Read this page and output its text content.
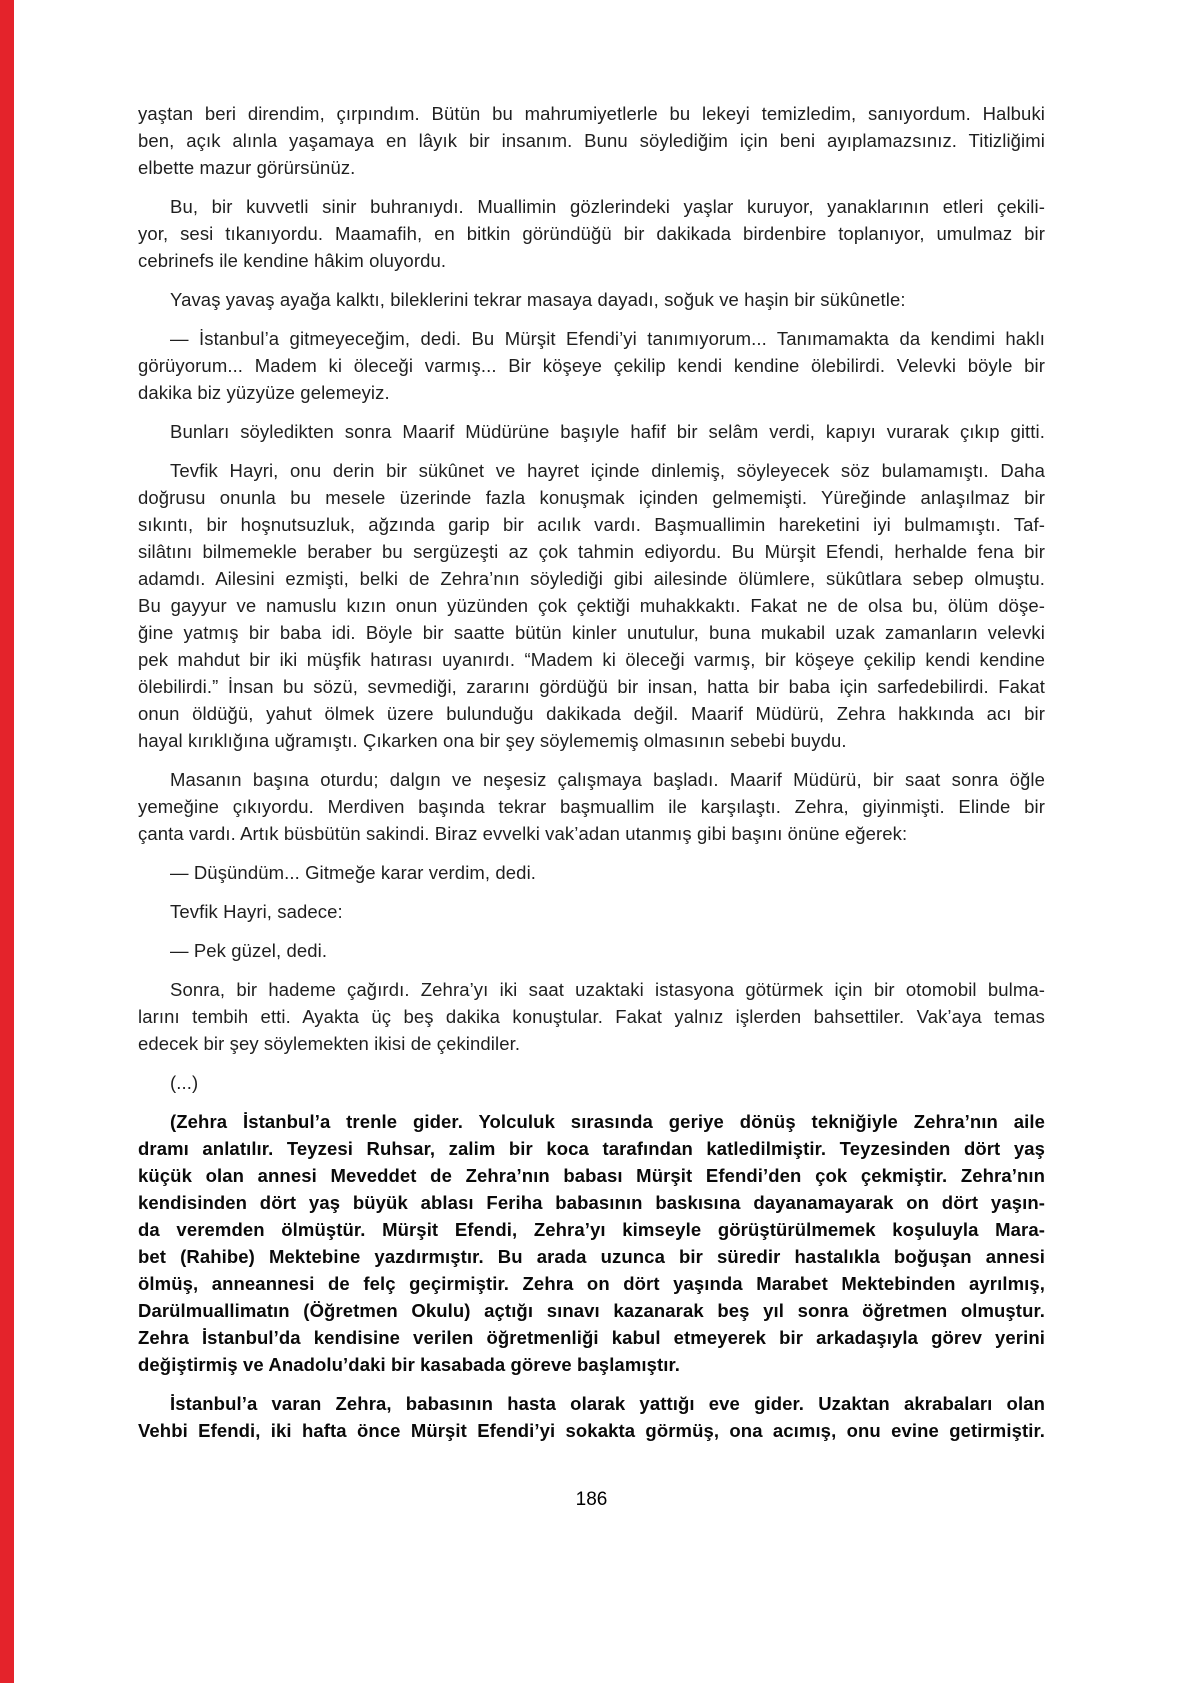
yaştan beri direndim, çırpındım. Bütün bu mahrumiyetlerle bu lekeyi temizledim, sanıyordum. Halbuki
ben, açık alınla yaşamaya en lâyık bir insanım. Bunu söylediğim için beni ayıplamazsınız. Titizliğimi
elbette mazur görürsünüz.
Bu, bir kuvvetli sinir buhranıydı. Muallimin gözlerindeki yaşlar kuruyor, yanaklarının etleri çekili-
yor, sesi tıkanıyordu. Maamafih, en bitkin göründüğü bir dakikada birdenbire toplanıyor, umulmaz bir
cebrinefs ile kendine hâkim oluyordu.
Yavaş yavaş ayağa kalktı, bileklerini tekrar masaya dayadı, soğuk ve haşin bir sükûnetle:
— İstanbul’a gitmeyeceğim, dedi. Bu Mürşit Efendi’yi tanımıyorum... Tanımamakta da kendimi haklı
görüyorum... Madem ki öleceği varmış... Bir köşeye çekilip kendi kendine ölebilirdi. Velevki böyle bir
dakika biz yüzyüze gelemeyiz.
Bunları söyledikten sonra Maarif Müdürüne başıyle hafif bir selâm verdi, kapıyı vurarak çıkıp gitti.
Tevfik Hayri, onu derin bir sükûnet ve hayret içinde dinlemiş, söyleyecek söz bulamamıştı. Daha
doğrusu onunla bu mesele üzerinde fazla konuşmak içinden gelmemişti. Yüreğinde anlaşılmaz bir
sıkıntı, bir hoşnutsuzluk, ağzında garip bir acılık vardı. Başmuallimin hareketini iyi bulmamıştı. Taf-
silâtını bilmemekle beraber bu sergüzeşti az çok tahmin ediyordu. Bu Mürşit Efendi, herhalde fena bir
adamdı. Ailesini ezmişti, belki de Zehra’nın söylediği gibi ailesinde ölümlere, sükûtlara sebep olmuştu.
Bu gayyur ve namuslu kızın onun yüzünden çok çektiği muhakkaktı. Fakat ne de olsa bu, ölüm döşe-
ğine yatmış bir baba idi. Böyle bir saatte bütün kinler unutulur, buna mukabil uzak zamanların velevki
pek mahdut bir iki müşfik hatırası uyanırdı. “Madem ki öleceği varmış, bir köşeye çekilip kendi kendine
ölebilirdi.” İnsan bu sözü, sevmediği, zararını gördüğü bir insan, hatta bir baba için sarfedebilirdi. Fakat
onun öldüğü, yahut ölmek üzere bulunduğu dakikada değil. Maarif Müdürü, Zehra hakkında acı bir
hayal kırıklığına uğramıştı. Çıkarken ona bir şey söylememiş olmasının sebebi buydu.
Masanın başına oturdu; dalgın ve neşesiz çalışmaya başladı. Maarif Müdürü, bir saat sonra öğle
yemeğine çıkıyordu. Merdiven başında tekrar başmuallim ile karşılaştı. Zehra, giyinmişti. Elinde bir
çanta vardı. Artık büsbütün sakindi. Biraz evvelki vak’adan utanmış gibi başını önüne eğerek:
— Düşündüm... Gitmeğe karar verdim, dedi.
Tevfik Hayri, sadece:
— Pek güzel, dedi.
Sonra, bir hademe çağırdı. Zehra’yı iki saat uzaktaki istasyona götürmek için bir otomobil bulma-
larını tembih etti. Ayakta üç beş dakika konuştular. Fakat yalnız işlerden bahsettiler. Vak’aya temas
edecek bir şey söylemekten ikisi de çekindiler.
(...)
(Zehra İstanbul’a trenle gider. Yolculuk sırasında geriye dönüş tekniğiyle Zehra’nın aile
dramı anlatılır. Teyzesi Ruhsar, zalim bir koca tarafından katledilmiştir. Teyzesinden dört yaş
küçük olan annesi Meveddet de Zehra’nın babası Mürşit Efendi’den çok çekmiştir. Zehra’nın
kendisinden dört yaş büyük ablası Feriha babasının baskısına dayanamayarak on dört yaşın-
da veremden ölmüştür. Mürşit Efendi, Zehra’yı kimseyle görüştürülmemek koşuluyla Mara-
bet (Rahibe) Mektebine yazdırmıştır. Bu arada uzunca bir süredir hastalıkla boğuşan annesi
ölmüş, anneannesi de felç geçirmiştir. Zehra on dört yaşında Marabet Mektebinden ayrılmış,
Darülmuallimatın (Öğretmen Okulu) açtığı sınavı kazanarak beş yıl sonra öğretmen olmuştur.
Zehra İstanbul’da kendisine verilen öğretmenliği kabul etmeyerek bir arkadaşıyla görev yerini
değiştirmiş ve Anadolu’daki bir kasabada göreve başlamıştır.
İstanbul’a varan Zehra, babasının hasta olarak yattığı eve gider. Uzaktan akrabaları olan
Vehbi Efendi, iki hafta önce Mürşit Efendi’yi sokakta görmüş, ona acımış, onu evine getirmiştir.
186
